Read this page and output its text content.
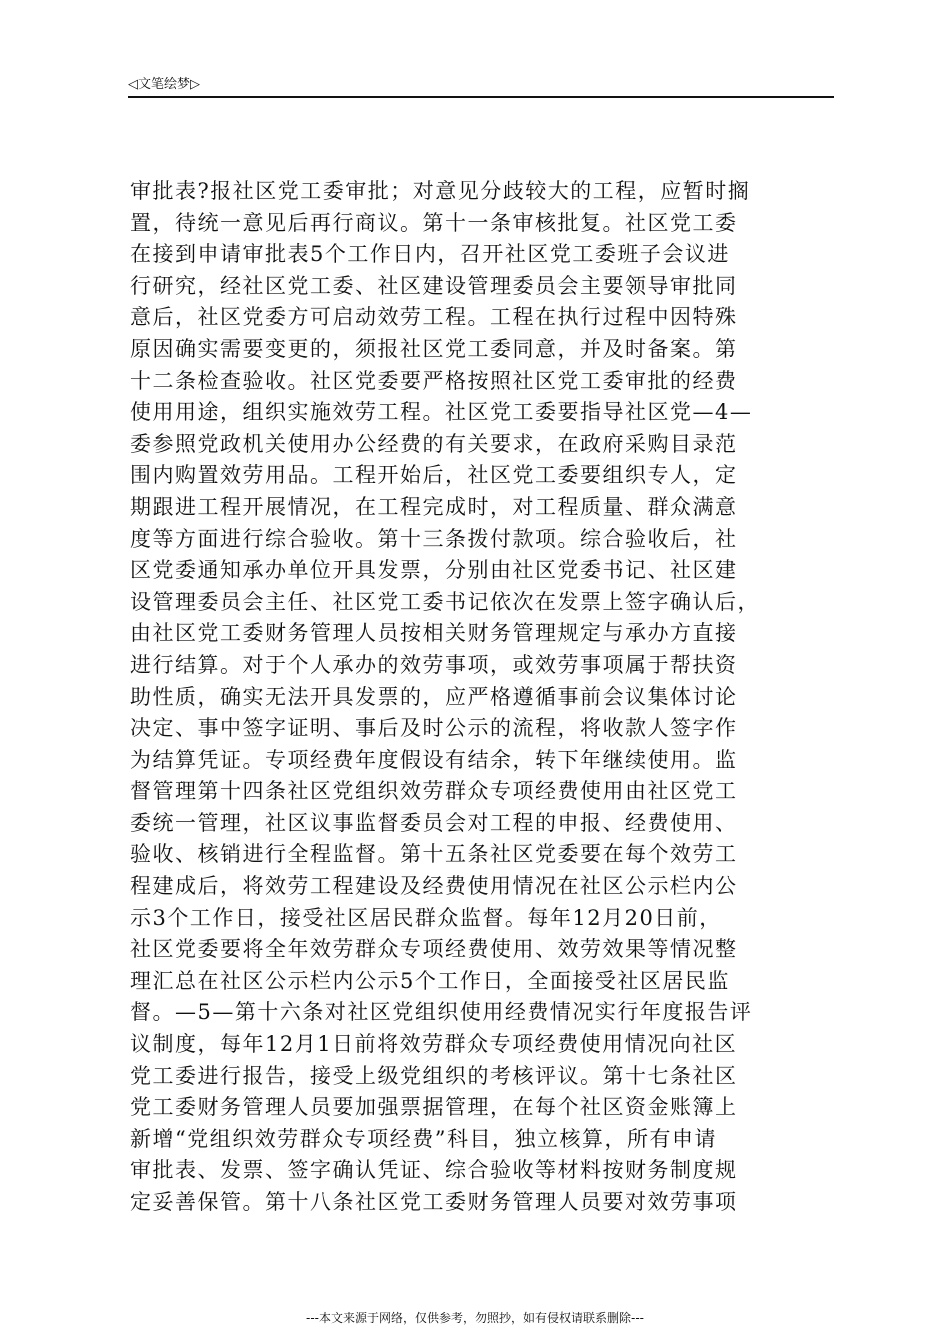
◁文笔绘梦▷
审批表?报社区党工委审批；对意见分歧较大的工程，应暂时搁
置，待统一意见后再行商议。第十一条审核批复。社区党工委
在接到申请审批表5个工作日内，召开社区党工委班子会议进
行研究，经社区党工委、社区建设管理委员会主要领导审批同
意后，社区党委方可启动效劳工程。工程在执行过程中因特殊
原因确实需要变更的，须报社区党工委同意，并及时备案。第
十二条检查验收。社区党委要严格按照社区党工委审批的经费
使用用途，组织实施效劳工程。社区党工委要指导社区党—4—
委参照党政机关使用办公经费的有关要求，在政府采购目录范
围内购置效劳用品。工程开始后，社区党工委要组织专人，定
期跟进工程开展情况，在工程完成时，对工程质量、群众满意
度等方面进行综合验收。第十三条拨付款项。综合验收后，社
区党委通知承办单位开具发票，分别由社区党委书记、社区建
设管理委员会主任、社区党工委书记依次在发票上签字确认后，
由社区党工委财务管理人员按相关财务管理规定与承办方直接
进行结算。对于个人承办的效劳事项，或效劳事项属于帮扶资
助性质，确实无法开具发票的，应严格遵循事前会议集体讨论
决定、事中签字证明、事后及时公示的流程，将收款人签字作
为结算凭证。专项经费年度假设有结余，转下年继续使用。监
督管理第十四条社区党组织效劳群众专项经费使用由社区党工
委统一管理，社区议事监督委员会对工程的申报、经费使用、
验收、核销进行全程监督。第十五条社区党委要在每个效劳工
程建成后，将效劳工程建设及经费使用情况在社区公示栏内公
示3个工作日，接受社区居民群众监督。每年12月20日前，
社区党委要将全年效劳群众专项经费使用、效劳效果等情况整
理汇总在社区公示栏内公示5个工作日，全面接受社区居民监
督。—5—第十六条对社区党组织使用经费情况实行年度报告评
议制度，每年12月1日前将效劳群众专项经费使用情况向社区
党工委进行报告，接受上级党组织的考核评议。第十七条社区
党工委财务管理人员要加强票据管理，在每个社区资金账簿上
新增“党组织效劳群众专项经费”科目，独立核算，所有申请
审批表、发票、签字确认凭证、综合验收等材料按财务制度规
定妥善保管。第十八条社区党工委财务管理人员要对效劳事项
---本文来源于网络，仅供参考，勿照抄，如有侵权请联系删除---
